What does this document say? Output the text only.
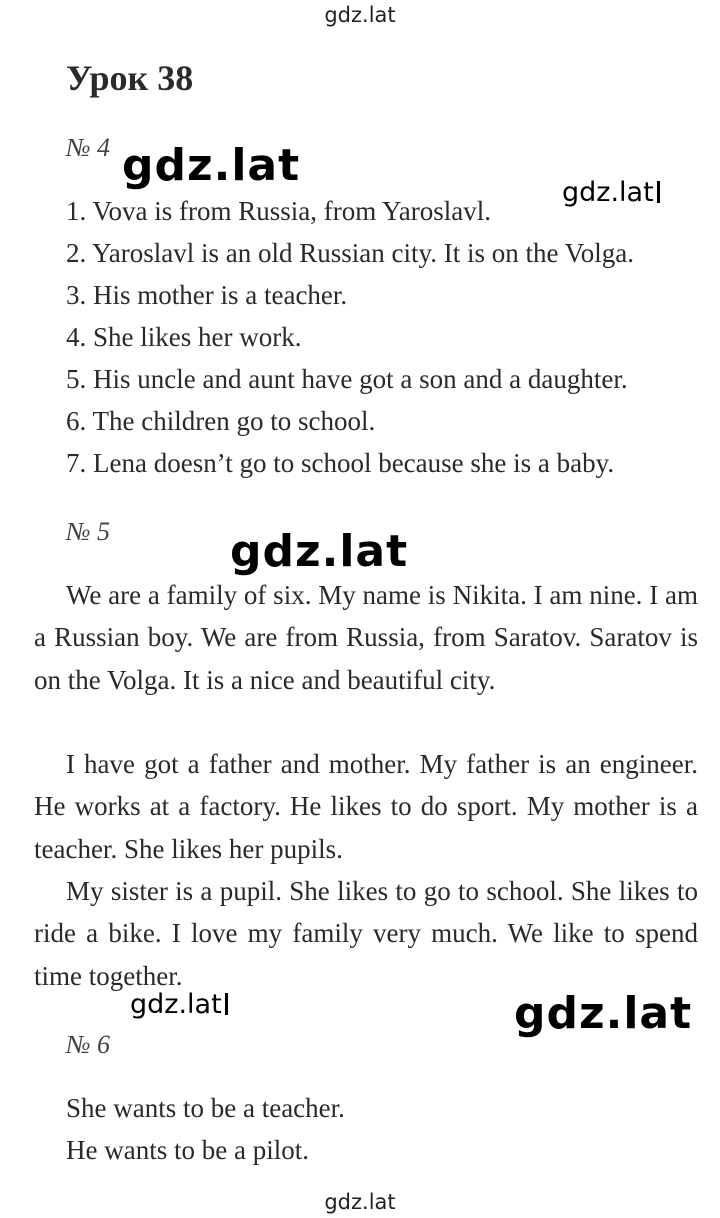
gdz.lat
Урок 38
№ 4
1. Vova is from Russia, from Yaroslavl.
2. Yaroslavl is an old Russian city. It is on the Volga.
3. His mother is a teacher.
4. She likes her work.
5. His uncle and aunt have got a son and a daughter.
6. The children go to school.
7. Lena doesn’t go to school because she is a baby.
№ 5
We are a family of six. My name is Nikita. I am nine. I am a Russian boy. We are from Russia, from Saratov. Saratov is on the Volga. It is a nice and beautiful city.
I have got a father and mother. My father is an engineer. He works at a factory. He likes to do sport. My mother is a teacher. She likes her pupils.
My sister is a pupil. She likes to go to school. She likes to ride a bike. I love my family very much. We like to spend time together.
№ 6
She wants to be a teacher.
He wants to be a pilot.
gdz.lat
gdz.lat
gdz.lat
gdz.lat	gdz.lat
gdz.lat
